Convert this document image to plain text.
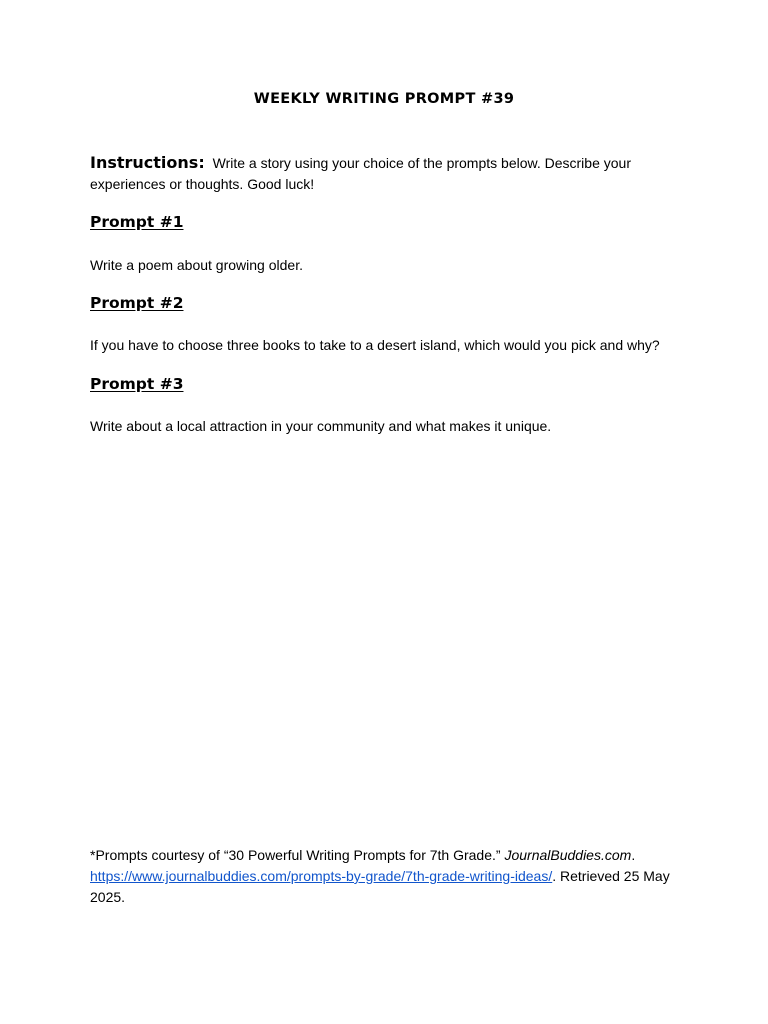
WEEKLY WRITING PROMPT #39
Instructions: Write a story using your choice of the prompts below. Describe your experiences or thoughts. Good luck!
Prompt #1
Write a poem about growing older.
Prompt #2
If you have to choose three books to take to a desert island, which would you pick and why?
Prompt #3
Write about a local attraction in your community and what makes it unique.
*Prompts courtesy of “30 Powerful Writing Prompts for 7th Grade.” JournalBuddies.com.
https://www.journalbuddies.com/prompts-by-grade/7th-grade-writing-ideas/. Retrieved 25 May 2025.
